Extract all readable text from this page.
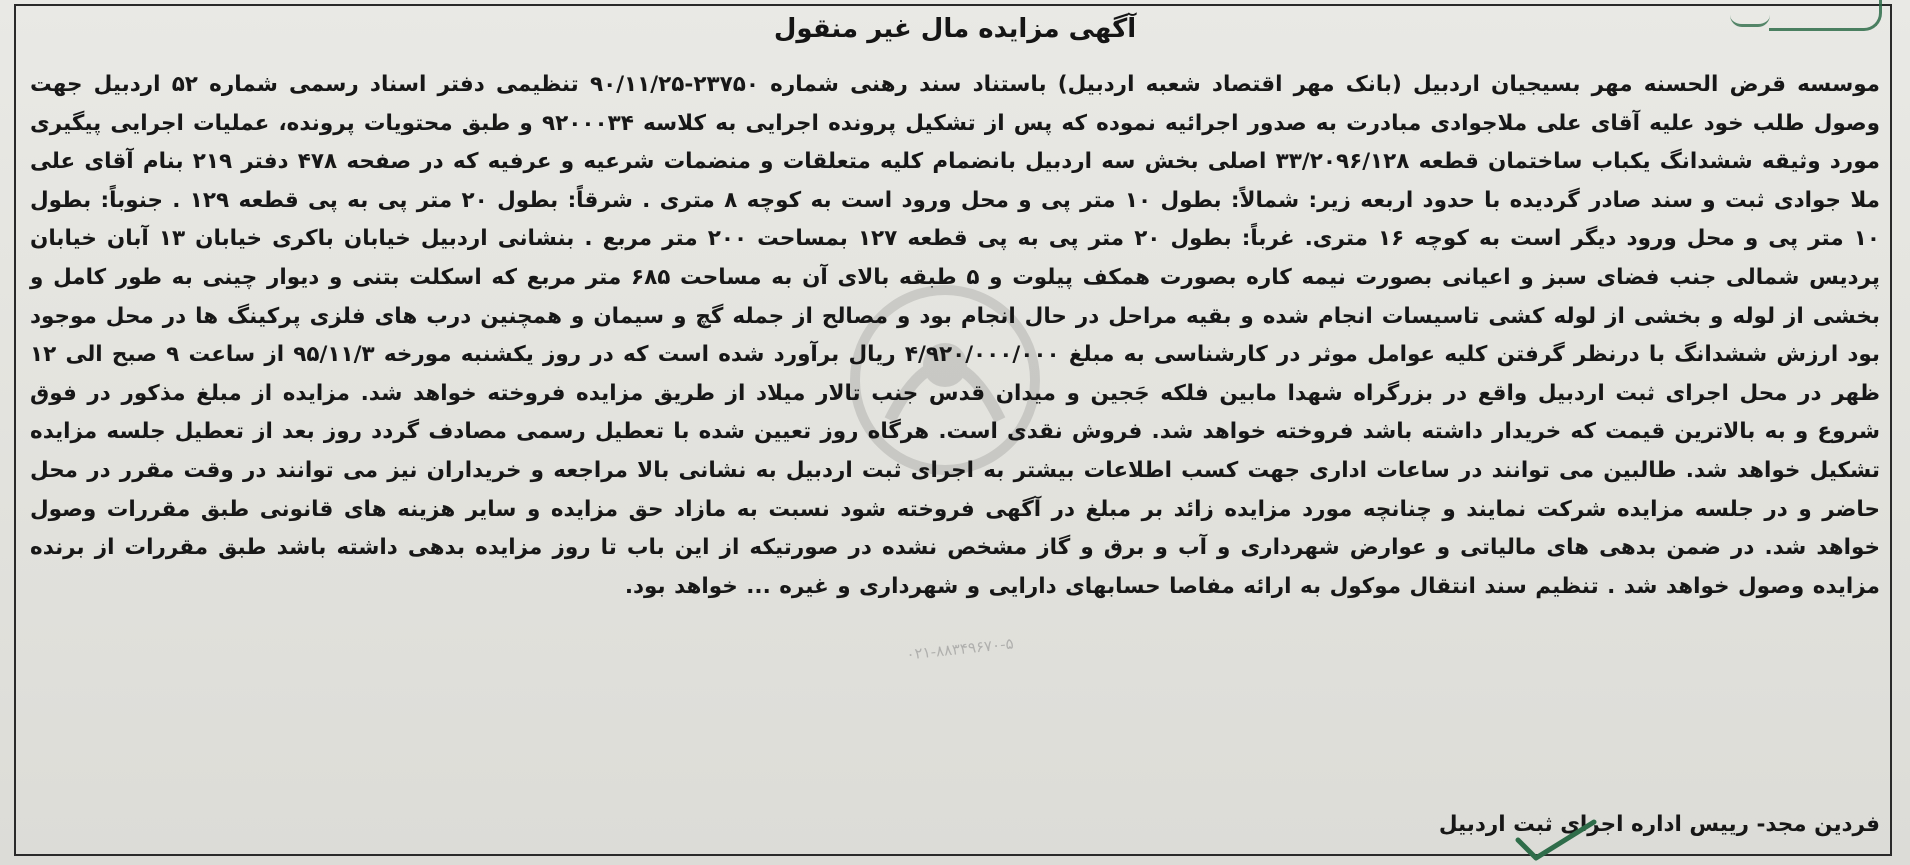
۰۲۱-۸۸۳۴۹۶۷۰-۵
آگهی مزایده مال غیر منقول
موسسه قرض الحسنه مهر بسیجیان اردبیل (بانک مهر اقتصاد شعبه اردبیل) باستناد سند رهنی شماره ۲۳۷۵۰-۹۰/۱۱/۲۵ تنظیمی دفتر اسناد رسمی شماره ۵۲ اردبیل جهت وصول طلب خود علیه آقای علی ملاجوادی مبادرت به صدور اجرائیه نموده که پس از تشکیل پرونده اجرایی به کلاسه ۹۲۰۰۰۳۴ و طبق محتویات پرونده، عملیات اجرایی پیگیری مورد وثیقه ششدانگ یکباب ساختمان قطعه ۳۳/۲۰۹۶/۱۲۸ اصلی بخش سه اردبیل بانضمام کلیه متعلقات و منضمات شرعیه و عرفیه که در صفحه ۴۷۸ دفتر ۲۱۹ بنام آقای علی ملا جوادی ثبت و سند صادر گردیده با حدود اربعه زیر: شمالاً: بطول ۱۰ متر پی و محل ورود است به کوچه ۸ متری . شرقاً: بطول ۲۰ متر پی به پی قطعه ۱۲۹ . جنوباً: بطول ۱۰ متر پی و محل ورود دیگر است به کوچه ۱۶ متری. غرباً: بطول ۲۰ متر پی به پی قطعه ۱۲۷ بمساحت ۲۰۰ متر مربع . بنشانی اردبیل خیابان باکری خیابان ۱۳ آبان خیابان پردیس شمالی جنب فضای سبز و اعیانی بصورت نیمه کاره بصورت همکف پیلوت و ۵ طبقه بالای آن به مساحت ۶۸۵ متر مربع که اسکلت بتنی و دیوار چینی به طور کامل و بخشی از لوله و بخشی از لوله کشی تاسیسات انجام شده و بقیه مراحل در حال انجام بود و مصالح از جمله گچ و سیمان و همچنین درب های فلزی پرکینگ ها در محل موجود بود ارزش ششدانگ با درنظر گرفتن کلیه عوامل موثر در کارشناسی به مبلغ ۴/۹۲۰/۰۰۰/۰۰۰ ریال برآورد شده است که در روز یکشنبه مورخه ۹۵/۱۱/۳ از ساعت ۹ صبح الی ۱۲ ظهر در محل اجرای ثبت اردبیل واقع در بزرگراه شهدا مابین فلکه جَجین و میدان قدس جنب تالار میلاد از طریق مزایده فروخته خواهد شد. مزایده از مبلغ مذکور در فوق شروع و به بالاترین قیمت که خریدار داشته باشد فروخته خواهد شد. فروش نقدی است. هرگاه روز تعیین شده با تعطیل رسمی مصادف گردد روز بعد از تعطیل جلسه مزایده تشکیل خواهد شد. طالبین می توانند در ساعات اداری جهت کسب اطلاعات بیشتر به اجرای ثبت اردبیل به نشانی بالا مراجعه و خریداران نیز می توانند در وقت مقرر در محل حاضر و در جلسه مزایده شرکت نمایند و چنانچه مورد مزایده زائد بر مبلغ در آگهی فروخته شود نسبت به مازاد حق مزایده و سایر هزینه های قانونی طبق مقررات وصول خواهد شد. در ضمن بدهی های مالیاتی و عوارض شهرداری و آب و برق و گاز مشخص نشده در صورتیکه از این باب تا روز مزایده بدهی داشته باشد طبق مقررات از برنده مزایده وصول خواهد شد . تنظیم سند انتقال موکول به ارائه مفاصا حسابهای دارایی و شهرداری و غیره ... خواهد بود.
فردین مجد- رییس اداره اجرای ثبت اردبیل
